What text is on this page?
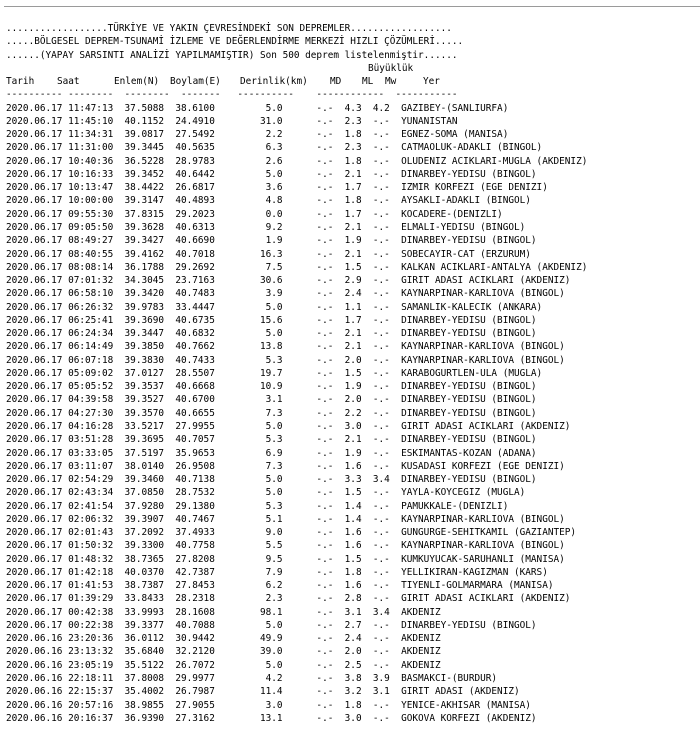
..................TÜRKİYE VE YAKIN ÇEVRESİNDEKİ SON DEPREMLER..................
.....BÖLGESEL DEPREM-TSUNAMİ İZLEME VE DEĞERLENDİRME MERKEZİ HIZLI ÇÖZÜMLERİ.....
......(YAPAY SARSINTI ANALİZİ YAPILMAMIŞTIR) Son 500 deprem listelenmiştir......
Büyüklük
Tarih Saat	Enlem(N) Boylam(E) Derinlik(km) MD ML Mw	Yer
---------- --------  --------  -------   ----------    ------------  -----------
2020.06.17 11:47:13  37.5088  38.6100         5.0      -.-  4.3  4.2  GAZIBEY-(SANLIURFA)
2020.06.17 11:45:10  40.1152  24.4910        31.0      -.-  2.3  -.-  YUNANISTAN
2020.06.17 11:34:31  39.0817  27.5492         2.2      -.-  1.8  -.-  EGNEZ-SOMA (MANISA)
2020.06.17 11:31:00  39.3445  40.5635         6.3      -.-  2.3  -.-  CATMAOLUK-ADAKLI (BINGOL)
2020.06.17 10:40:36  36.5228  28.9783         2.6      -.-  1.8  -.-  OLUDENIZ ACIKLARI-MUGLA (AKDENIZ)
2020.06.17 10:16:33  39.3452  40.6442         5.0      -.-  2.1  -.-  DINARBEY-YEDISU (BINGOL)
2020.06.17 10:13:47  38.4422  26.6817         3.6      -.-  1.7  -.-  IZMIR KORFEZI (EGE DENIZI)
2020.06.17 10:00:00  39.3147  40.4893         4.8      -.-  1.8  -.-  AYSAKLI-ADAKLI (BINGOL)
2020.06.17 09:55:30  37.8315  29.2023         0.0      -.-  1.7  -.-  KOCADERE-(DENIZLI)
2020.06.17 09:05:50  39.3628  40.6313         9.2      -.-  2.1  -.-  ELMALI-YEDISU (BINGOL)
2020.06.17 08:49:27  39.3427  40.6690         1.9      -.-  1.9  -.-  DINARBEY-YEDISU (BINGOL)
2020.06.17 08:40:55  39.4162  40.7018        16.3      -.-  2.1  -.-  SOBECAYIR-CAT (ERZURUM)
2020.06.17 08:08:14  36.1788  29.2692         7.5      -.-  1.5  -.-  KALKAN ACIKLARI-ANTALYA (AKDENIZ)
2020.06.17 07:01:32  34.3045  23.7163        30.6      -.-  2.9  -.-  GIRIT ADASI ACIKLARI (AKDENIZ)
2020.06.17 06:58:10  39.3420  40.7483         3.9      -.-  2.4  -.-  KAYNARPINAR-KARLIOVA (BINGOL)
2020.06.17 06:26:32  39.9783  33.4447         5.0      -.-  1.1  -.-  SAMANLIK-KALECIK (ANKARA)
2020.06.17 06:25:41  39.3690  40.6735        15.6      -.-  1.7  -.-  DINARBEY-YEDISU (BINGOL)
2020.06.17 06:24:34  39.3447  40.6832         5.0      -.-  2.1  -.-  DINARBEY-YEDISU (BINGOL)
2020.06.17 06:14:49  39.3850  40.7662        13.8      -.-  2.1  -.-  KAYNARPINAR-KARLIOVA (BINGOL)
2020.06.17 06:07:18  39.3830  40.7433         5.3      -.-  2.0  -.-  KAYNARPINAR-KARLIOVA (BINGOL)
2020.06.17 05:09:02  37.0127  28.5507        19.7      -.-  1.5  -.-  KARABOGURTLEN-ULA (MUGLA)
2020.06.17 05:05:52  39.3537  40.6668        10.9      -.-  1.9  -.-  DINARBEY-YEDISU (BINGOL)
2020.06.17 04:39:58  39.3527  40.6700         3.1      -.-  2.0  -.-  DINARBEY-YEDISU (BINGOL)
2020.06.17 04:27:30  39.3570  40.6655         7.3      -.-  2.2  -.-  DINARBEY-YEDISU (BINGOL)
2020.06.17 04:16:28  33.5217  27.9955         5.0      -.-  3.0  -.-  GIRIT ADASI ACIKLARI (AKDENIZ)
2020.06.17 03:51:28  39.3695  40.7057         5.3      -.-  2.1  -.-  DINARBEY-YEDISU (BINGOL)
2020.06.17 03:33:05  37.5197  35.9653         6.9      -.-  1.9  -.-  ESKIMANTAS-KOZAN (ADANA)
2020.06.17 03:11:07  38.0140  26.9508         7.3      -.-  1.6  -.-  KUSADASI KORFEZI (EGE DENIZI)
2020.06.17 02:54:29  39.3460  40.7138         5.0      -.-  3.3  3.4  DINARBEY-YEDISU (BINGOL)
2020.06.17 02:43:34  37.0850  28.7532         5.0      -.-  1.5  -.-  YAYLA-KOYCEGIZ (MUGLA)
2020.06.17 02:41:54  37.9280  29.1380         5.3      -.-  1.4  -.-  PAMUKKALE-(DENIZLI)
2020.06.17 02:06:32  39.3907  40.7467         5.1      -.-  1.4  -.-  KAYNARPINAR-KARLIOVA (BINGOL)
2020.06.17 02:01:43  37.2092  37.4933         9.0      -.-  1.6  -.-  GUNGURGE-SEHITKAMIL (GAZIANTEP)
2020.06.17 01:50:32  39.3300  40.7758         5.5      -.-  1.6  -.-  KAYNARPINAR-KARLIOVA (BINGOL)
2020.06.17 01:48:32  38.7365  27.8208         9.5      -.-  1.5  -.-  KUMKUYUCAK-SARUHANLI (MANISA)
2020.06.17 01:42:18  40.0370  42.7387         7.9      -.-  1.8  -.-  YELLIKIRAN-KAGIZMAN (KARS)
2020.06.17 01:41:53  38.7387  27.8453         6.2      -.-  1.6  -.-  TIYENLI-GOLMARMARA (MANISA)
2020.06.17 01:39:29  33.8433  28.2318         2.3      -.-  2.8  -.-  GIRIT ADASI ACIKLARI (AKDENIZ)
2020.06.17 00:42:38  33.9993  28.1608        98.1      -.-  3.1  3.4  AKDENIZ
2020.06.17 00:22:38  39.3377  40.7088         5.0      -.-  2.7  -.-  DINARBEY-YEDISU (BINGOL)
2020.06.16 23:20:36  36.0112  30.9442        49.9      -.-  2.4  -.-  AKDENIZ
2020.06.16 23:13:32  35.6840  32.2120        39.0      -.-  2.0  -.-  AKDENIZ
2020.06.16 23:05:19  35.5122  26.7072         5.0      -.-  2.5  -.-  AKDENIZ
2020.06.16 22:18:11  37.8008  29.9977         4.2      -.-  3.8  3.9  BASMAKCI-(BURDUR)
2020.06.16 22:15:37  35.4002  26.7987        11.4      -.-  3.2  3.1  GIRIT ADASI (AKDENIZ)
2020.06.16 20:57:16  38.9855  27.9055         3.0      -.-  1.8  -.-  YENICE-AKHISAR (MANISA)
2020.06.16 20:16:37  36.9390  27.3162        13.1      -.-  3.0  -.-  GOKOVA KORFEZI (AKDENIZ)
